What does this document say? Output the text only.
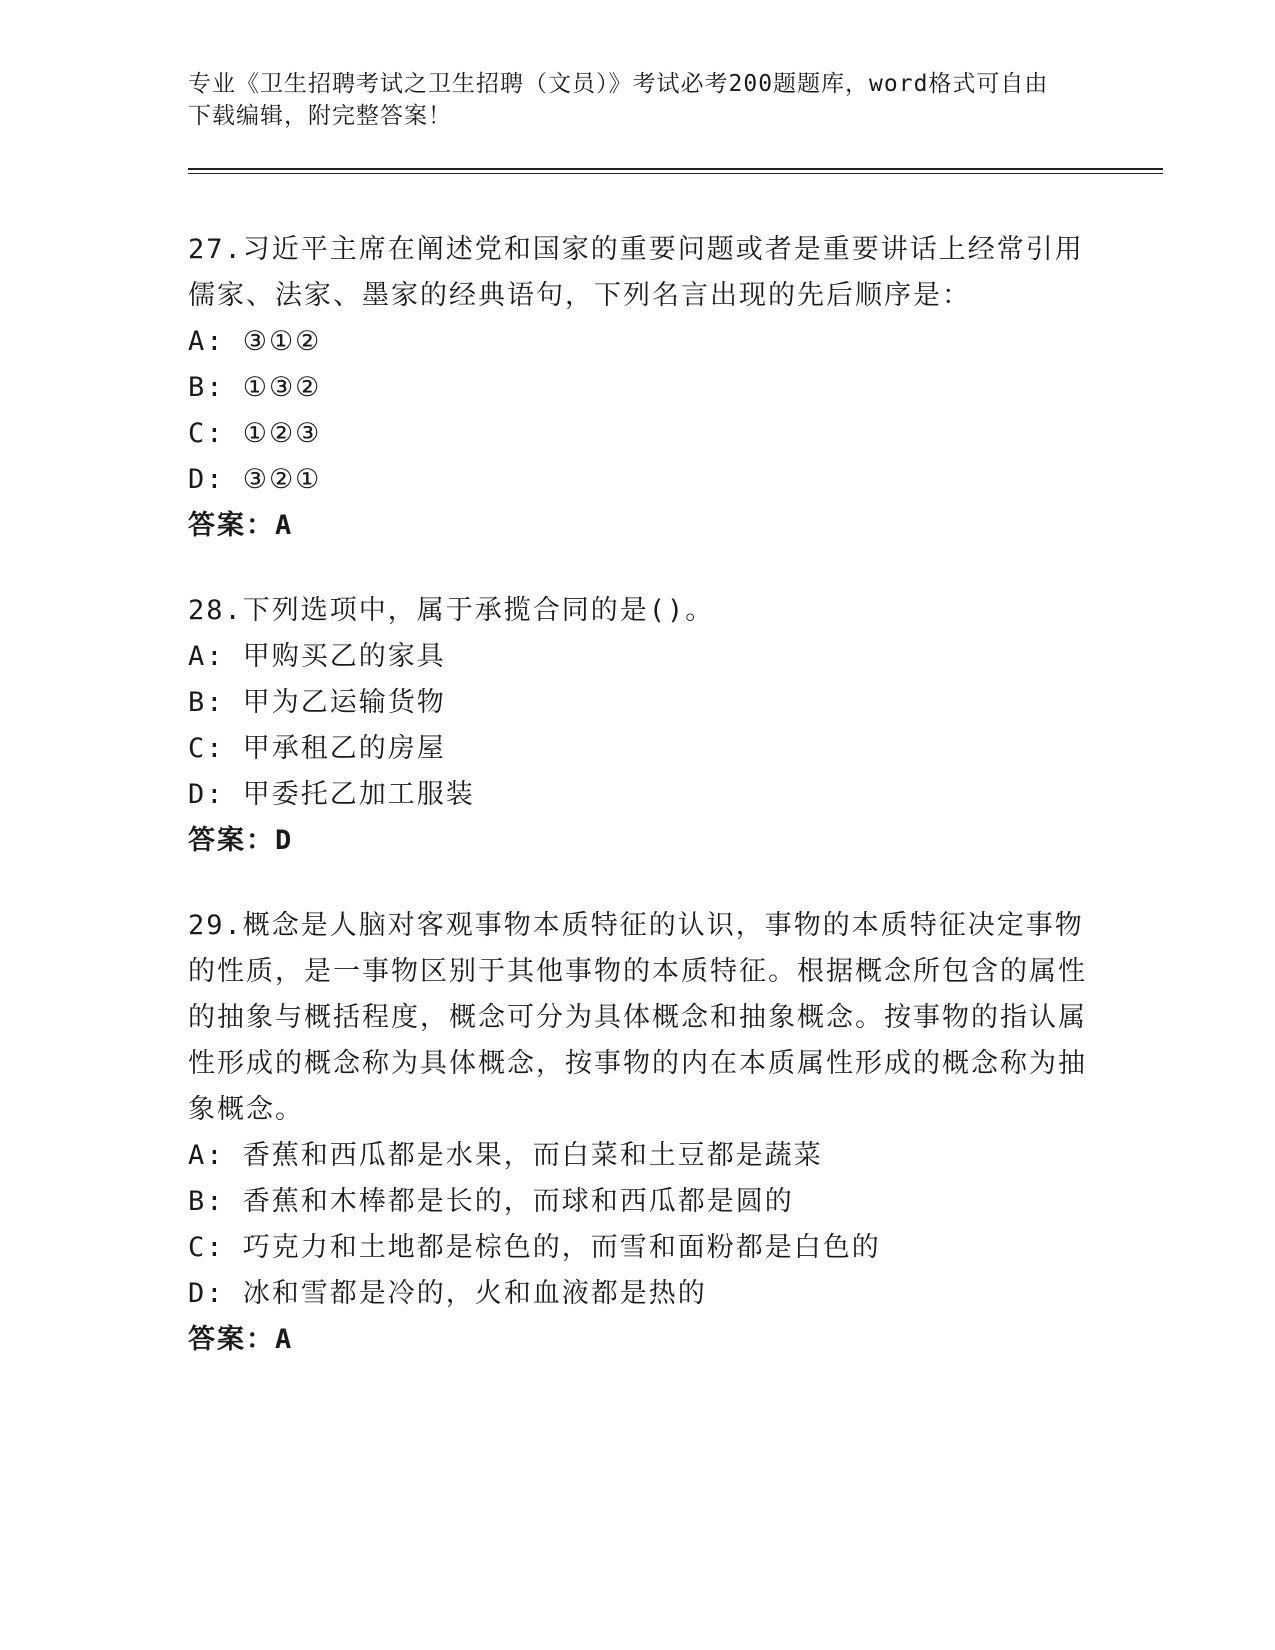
专业《卫生招聘考试之卫生招聘（文员）》考试必考200题题库，word格式可自由下载编辑，附完整答案！

27.习近平主席在阐述党和国家的重要问题或者是重要讲话上经常引用儒家、法家、墨家的经典语句，下列名言出现的先后顺序是：

A: ③①②

B: ①③②

C: ①②③

D: ③②①

答案：A

28.下列选项中，属于承揽合同的是()。

A: 甲购买乙的家具

B: 甲为乙运输货物

C: 甲承租乙的房屋

D: 甲委托乙加工服装

答案：D

29.概念是人脑对客观事物本质特征的认识，事物的本质特征决定事物的性质，是一事物区别于其他事物的本质特征。根据概念所包含的属性的抽象与概括程度，概念可分为具体概念和抽象概念。按事物的指认属性形成的概念称为具体概念，按事物的内在本质属性形成的概念称为抽象概念。

A: 香蕉和西瓜都是水果，而白菜和土豆都是蔬菜

B: 香蕉和木棒都是长的，而球和西瓜都是圆的

C: 巧克力和土地都是棕色的，而雪和面粉都是白色的

D: 冰和雪都是冷的，火和血液都是热的

答案：A
